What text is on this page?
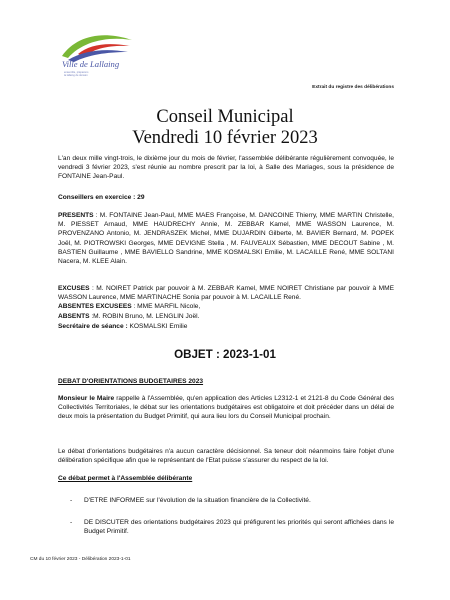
Ville de Lallaing
ensemble, préparons
la lallaing de demain
Extrait du registre des délibérations
Conseil Municipal
Vendredi 10 février 2023
L'an deux mille vingt-trois, le dixième jour du mois de février, l'assemblée délibérante régulièrement convoquée, le vendredi 3 février 2023, s'est réunie au nombre prescrit par la loi, à Salle des Mariages, sous la présidence de FONTAINE Jean-Paul.
Conseillers en exercice : 29
PRESENTS : M. FONTAINE Jean-Paul, MME MAES Françoise, M. DANCOINE Thierry, MME MARTIN Christelle, M. PIESSET Arnaud, MME HAUDRECHY Annie, M. ZEBBAR Kamel, MME WASSON Laurence, M. PROVENZANO Antonio, M. JENDRASZEK Michel, MME DUJARDIN Gilberte, M. BAVIER Bernard, M. POPEK Joël, M. PIOTROWSKI Georges, MME DEVIGNE Stella , M. FAUVEAUX Sébastien, MME DECOUT Sabine , M. BASTIEN Guillaume , MME BAVIELLO Sandrine, MME KOSMALSKI Emilie, M. LACAILLE René, MME SOLTANI Nacera, M. KLEE Alain.
EXCUSES : M. NOIRET Patrick par pouvoir à M. ZEBBAR Kamel, MME NOIRET Christiane par pouvoir à MME WASSON Laurence, MME MARTINACHE Sonia par pouvoir à M. LACAILLE René.
ABSENTES EXCUSEES : MME MARFIL Nicole,
ABSENTS :M. ROBIN Bruno, M. LENGLIN Joël.
Secrétaire de séance : KOSMALSKI Emilie
OBJET : 2023-1-01
DEBAT D'ORIENTATIONS BUDGETAIRES 2023
Monsieur le Maire rappelle à l'Assemblée, qu'en application des Articles L2312-1 et 2121-8 du Code Général des Collectivités Territoriales, le débat sur les orientations budgétaires est obligatoire et doit précéder dans un délai de deux mois la présentation du Budget Primitif, qui aura lieu lors du Conseil Municipal prochain.
Le débat d'orientations budgétaires n'a aucun caractère décisionnel. Sa teneur doit néanmoins faire l'objet d'une délibération spécifique afin que le représentant de l'Etat puisse s'assurer du respect de la loi.
Ce débat permet à l'Assemblée délibérante
- D'ETRE INFORMEE sur l'évolution de la situation financière de la Collectivité.
- DE DISCUTER des orientations budgétaires 2023 qui préfigurent les priorités qui seront affichées dans le Budget Primitif.
CM du 10 février 2023 - Délibération 2023-1-01
